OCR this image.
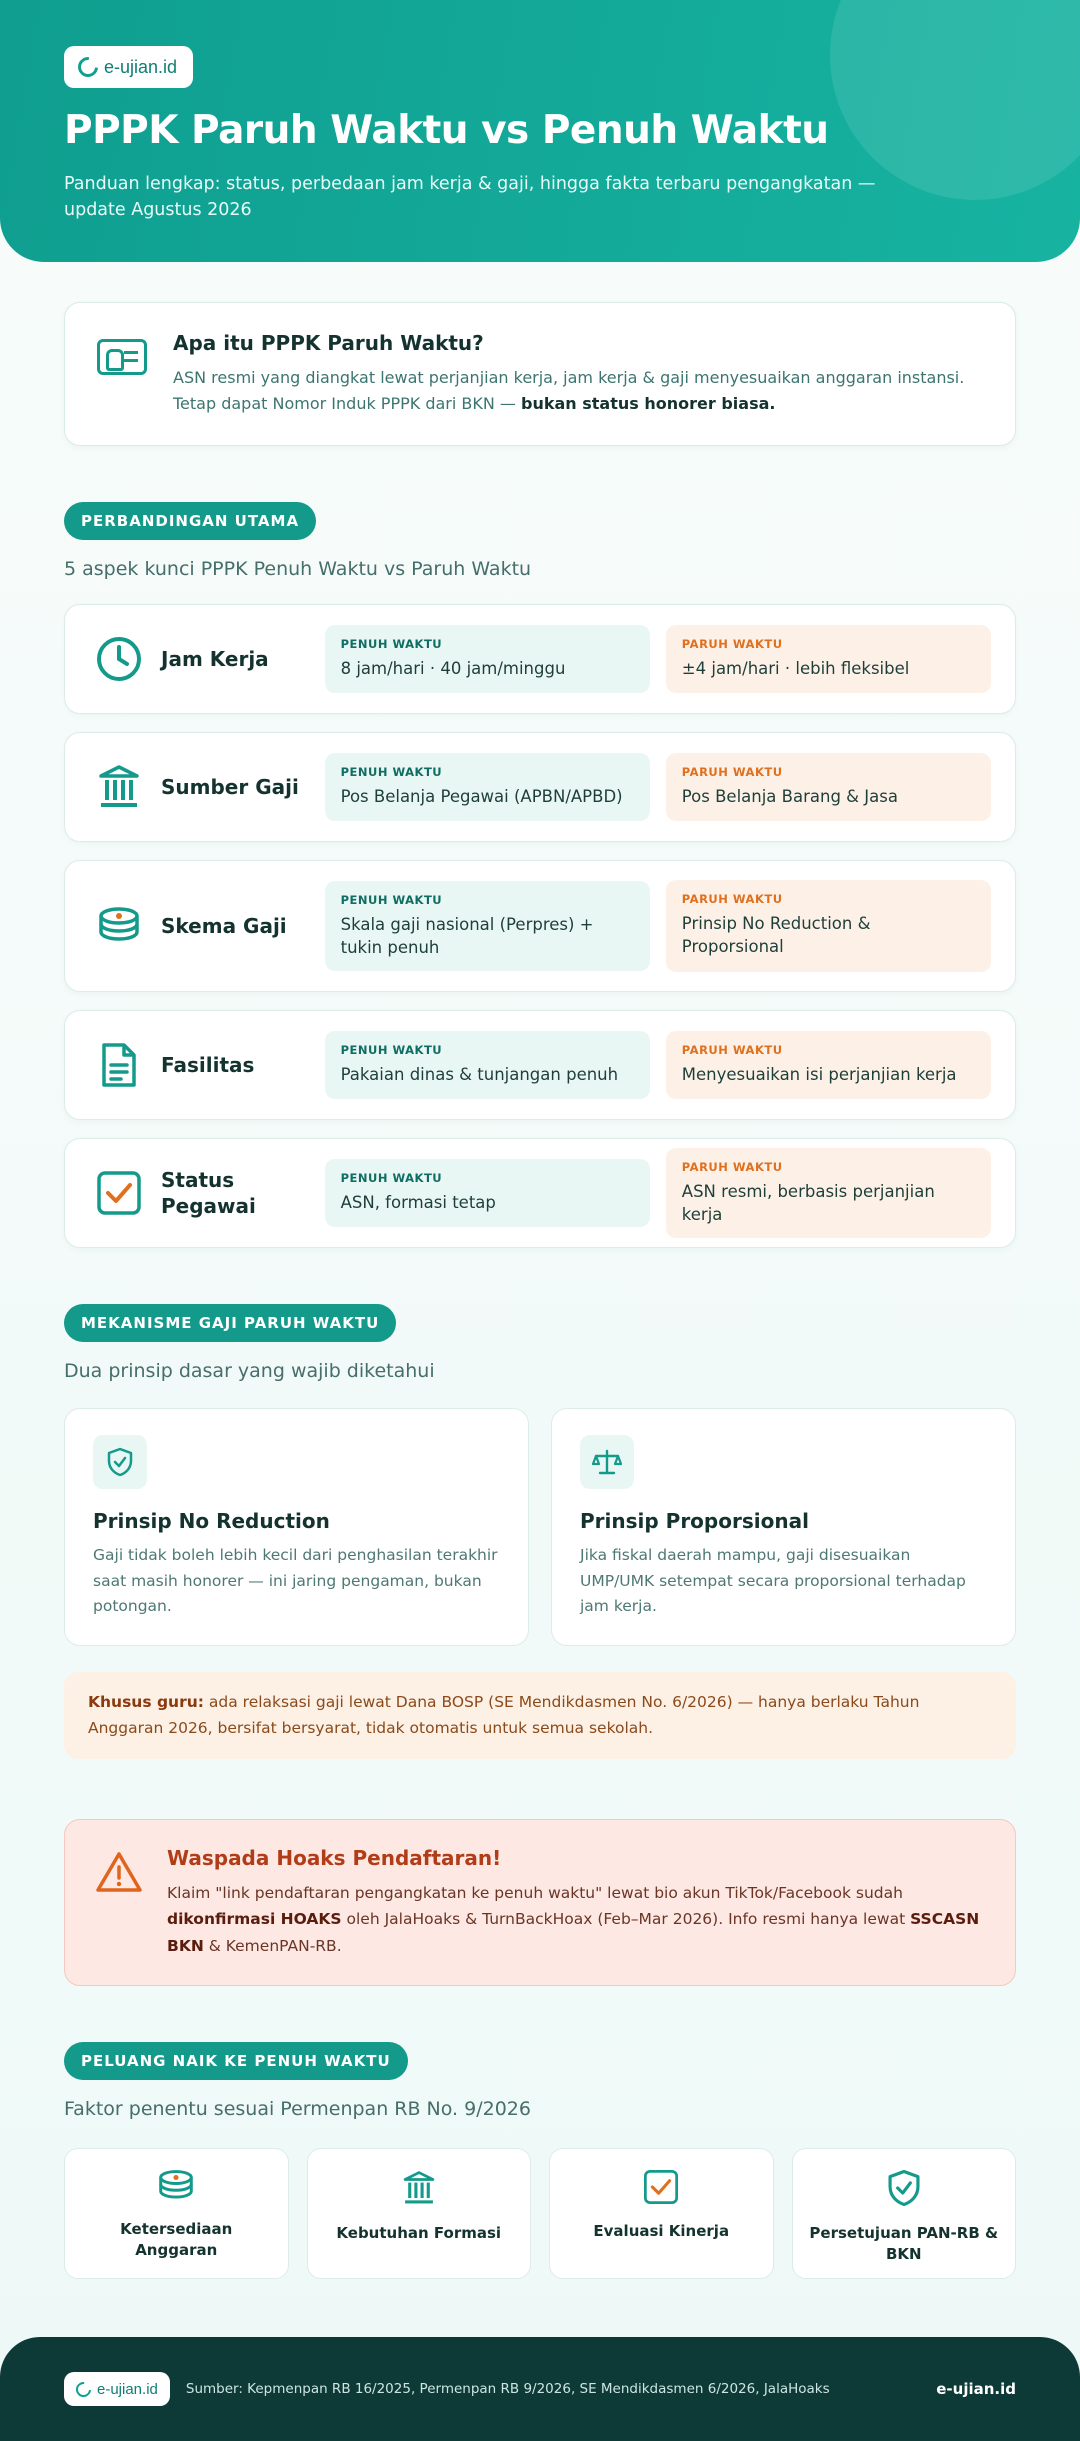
e-ujian.id
PPPK Paruh Waktu vs Penuh Waktu

Panduan lengkap: status, perbedaan jam kerja & gaji, hingga fakta terbaru pengangkatan — update Agustus 2026

Apa itu PPPK Paruh Waktu?

ASN resmi yang diangkat lewat perjanjian kerja, jam kerja & gaji menyesuaikan anggaran instansi. Tetap dapat Nomor Induk PPPK dari BKN — bukan status honorer biasa.

PERBANDINGAN UTAMA

5 aspek kunci PPPK Penuh Waktu vs Paruh Waktu

Jam Kerja
PENUH WAKTU
8 jam/hari · 40 jam/minggu
PARUH WAKTU
±4 jam/hari · lebih fleksibel
Sumber Gaji
PENUH WAKTU
Pos Belanja Pegawai (APBN/APBD)
PARUH WAKTU
Pos Belanja Barang & Jasa
Skema Gaji
PENUH WAKTU
Skala gaji nasional (Perpres) + tukin penuh
PARUH WAKTU
Prinsip No Reduction & Proporsional
Fasilitas
PENUH WAKTU
Pakaian dinas & tunjangan penuh
PARUH WAKTU
Menyesuaikan isi perjanjian kerja
Status Pegawai
PENUH WAKTU
ASN, formasi tetap
PARUH WAKTU
ASN resmi, berbasis perjanjian kerja
MEKANISME GAJI PARUH WAKTU

Dua prinsip dasar yang wajib diketahui

Prinsip No Reduction

Gaji tidak boleh lebih kecil dari penghasilan terakhir saat masih honorer — ini jaring pengaman, bukan potongan.

Prinsip Proporsional

Jika fiskal daerah mampu, gaji disesuaikan UMP/UMK setempat secara proporsional terhadap jam kerja.

Khusus guru: ada relaksasi gaji lewat Dana BOSP (SE Mendikdasmen No. 6/2026) — hanya berlaku Tahun Anggaran 2026, bersifat bersyarat, tidak otomatis untuk semua sekolah.
Waspada Hoaks Pendaftaran!

Klaim "link pendaftaran pengangkatan ke penuh waktu" lewat bio akun TikTok/Facebook sudah dikonfirmasi HOAKS oleh JalaHoaks & TurnBackHoax (Feb–Mar 2026). Info resmi hanya lewat SSCASN BKN & KemenPAN-RB.

PELUANG NAIK KE PENUH WAKTU

Faktor penentu sesuai Permenpan RB No. 9/2026

Ketersediaan Anggaran
Kebutuhan Formasi	Evaluasi Kinerja	Persetujuan PAN-RB & BKN
e-ujian.id Sumber: Kepmenpan RB 16/2025, Permenpan RB 9/2026, SE Mendikdasmen 6/2026, JalaHoaks	e-ujian.id
